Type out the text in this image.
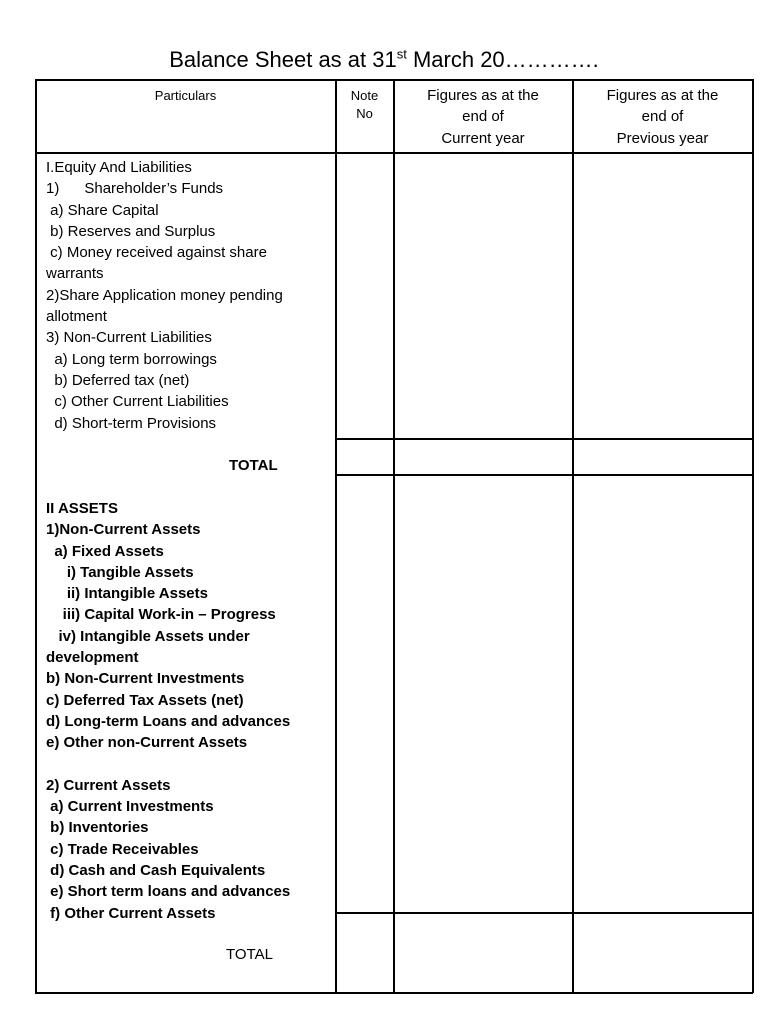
Balance Sheet as at 31st March 20………….
Particulars	Note
No
Figures as at the
end of
Current year
Figures as at the
end of
Previous year
I.Equity And Liabilities
1)      Shareholder’s Funds
a) Share Capital
b) Reserves and Surplus
c) Money received against share
warrants
2)Share Application money pending
allotment
3) Non-Current Liabilities
a) Long term borrowings
b) Deferred tax (net)
c) Other Current Liabilities
d) Short-term Provisions
TOTAL
II ASSETS
1)Non-Current Assets
a) Fixed Assets
i) Tangible Assets
ii) Intangible Assets
iii) Capital Work-in – Progress
iv) Intangible Assets under
development
b) Non-Current Investments
c) Deferred Tax Assets (net)
d) Long-term Loans and advances
e) Other non-Current Assets

2) Current Assets
a) Current Investments
b) Inventories
c) Trade Receivables
d) Cash and Cash Equivalents
e) Short term loans and advances
f) Other Current Assets
TOTAL
